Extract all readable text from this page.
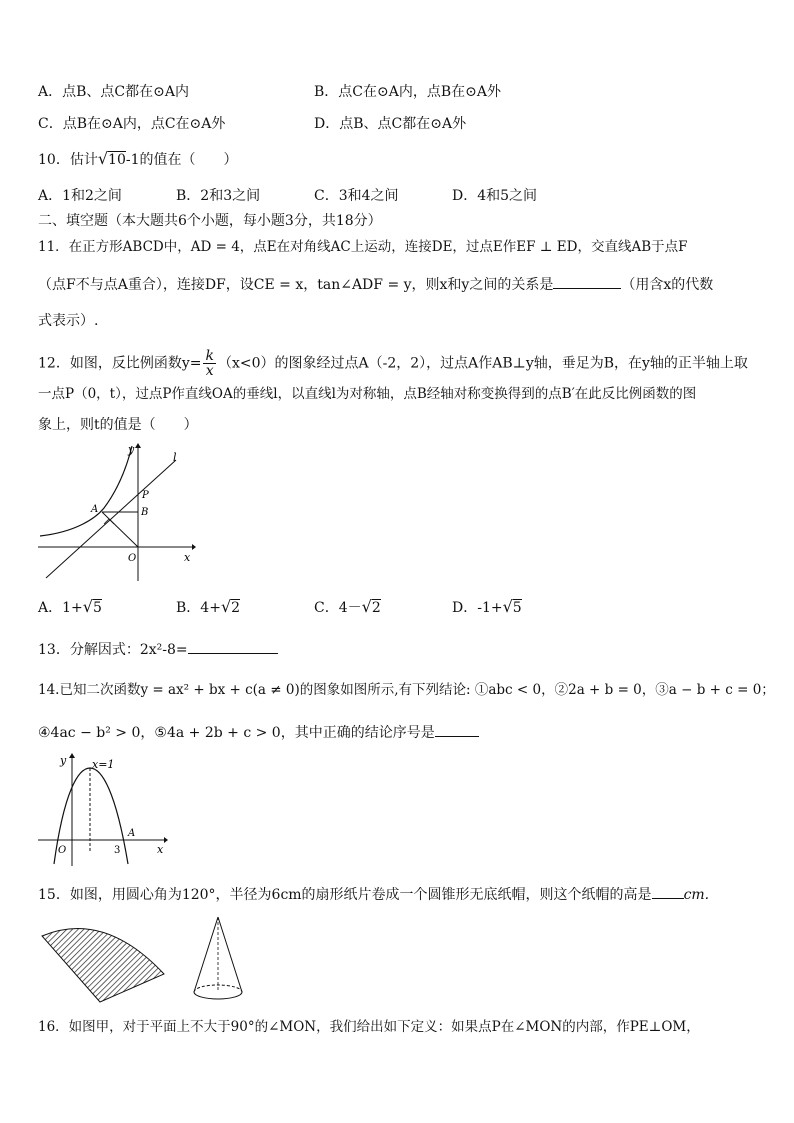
A．点B、点C都在⊙A内	B．点C在⊙A内，点B在⊙A外
C．点B在⊙A内，点C在⊙A外	D．点B、点C都在⊙A外
10．估计√10-1的值在（　　）
A．1和2之间	B．2和3之间	C．3和4之间	D．4和5之间
二、填空题（本大题共6个小题，每小题3分，共18分）
11．在正方形ABCD中，AD = 4，点E在对角线AC上运动，连接DE，过点E作EF ⊥ ED，交直线AB于点F
（点F不与点A重合），连接DF，设CE = x，tan∠ADF = y，则x和y之间的关系是	（用含x的代数
式表示）.
12．如图，反比例函数$y= \frac{k}{x} (x<0)$的图象经过点A（-2，2），过点A作AB⊥y轴，垂足为B，在y轴的正半轴上取
一点P（0，t），过点P作直线OA的垂线l，以直线l为对称轴，点B经轴对称变换得到的点B′在此反比例函数的图
象上，则t的值是（　　）
y
l
A
P
B
O	x
A．1+√5	B．4+√2	C．4－√2	D．-1+√5
13．分解因式：2x²-8=
14.已知二次函数y = ax² + bx + c(a ≠ 0)的图象如图所示,有下列结论: ①abc < 0，②2a + b = 0，③a − b + c = 0；
④4ac − b² > 0，⑤4a + 2b + c > 0，其中正确的结论序号是
y x=1
A
O	3	x
15．如图，用圆心角为120°，半径为6cm的扇形纸片卷成一个圆锥形无底纸帽，则这个纸帽的高是 cm.
16．如图甲，对于平面上不大于90°的∠MON，我们给出如下定义：如果点P在∠MON的内部，作PE⊥OM，
